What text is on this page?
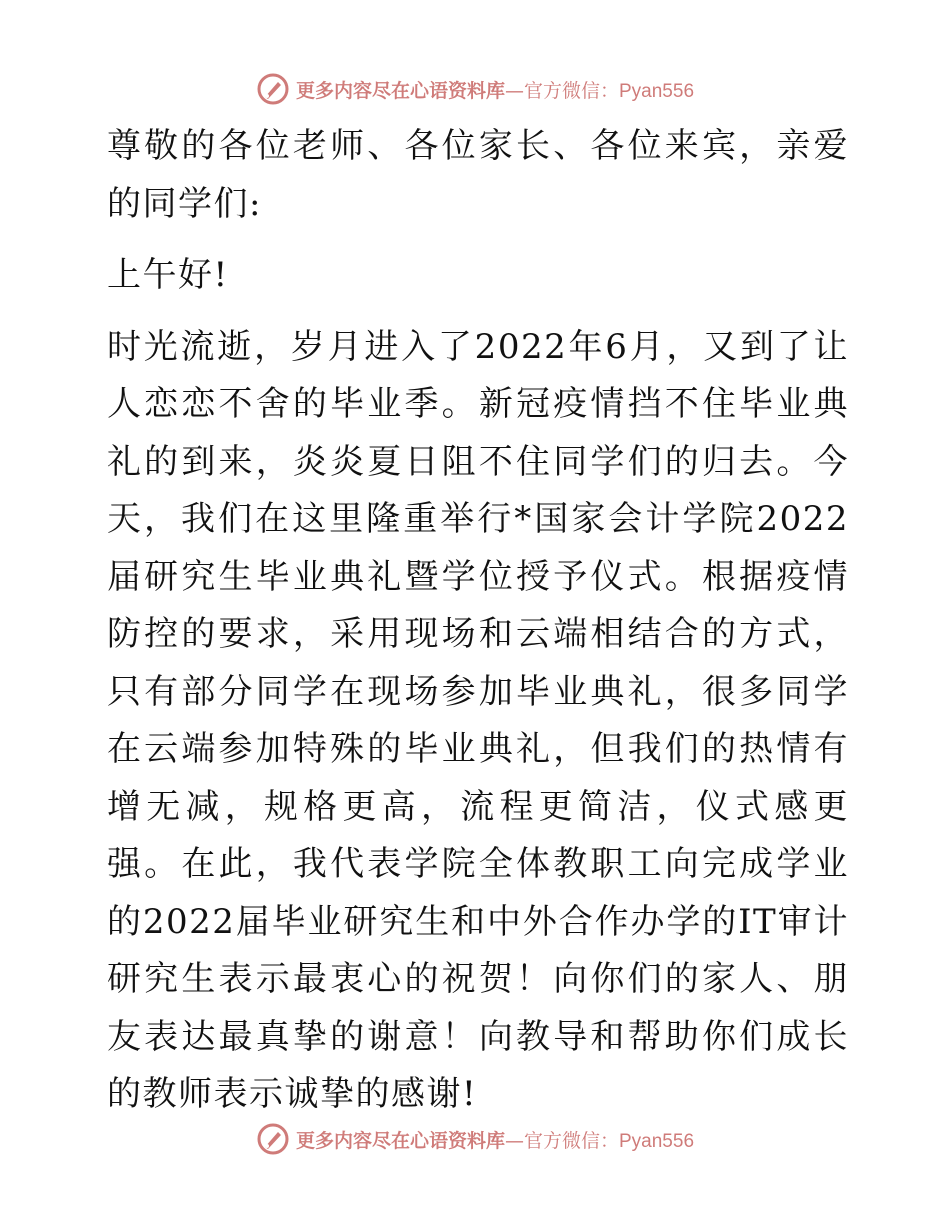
更多内容尽在心语资料库—官方微信：Pyan556

尊敬的各位老师、各位家长、各位来宾，亲爱的同学们:

上午好!

时光流逝，岁月进入了2022年6月，又到了让人恋恋不舍的毕业季。新冠疫情挡不住毕业典礼的到来，炎炎夏日阻不住同学们的归去。今天，我们在这里隆重举行*国家会计学院2022届研究生毕业典礼暨学位授予仪式。根据疫情防控的要求，采用现场和云端相结合的方式，只有部分同学在现场参加毕业典礼，很多同学在云端参加特殊的毕业典礼，但我们的热情有增无减，规格更高，流程更简洁，仪式感更强。在此，我代表学院全体教职工向完成学业的2022届毕业研究生和中外合作办学的IT审计研究生表示最衷心的祝贺！向你们的家人、朋友表达最真挚的谢意！向教导和帮助你们成长的教师表示诚挚的感谢!

更多内容尽在心语资料库—官方微信：Pyan556
